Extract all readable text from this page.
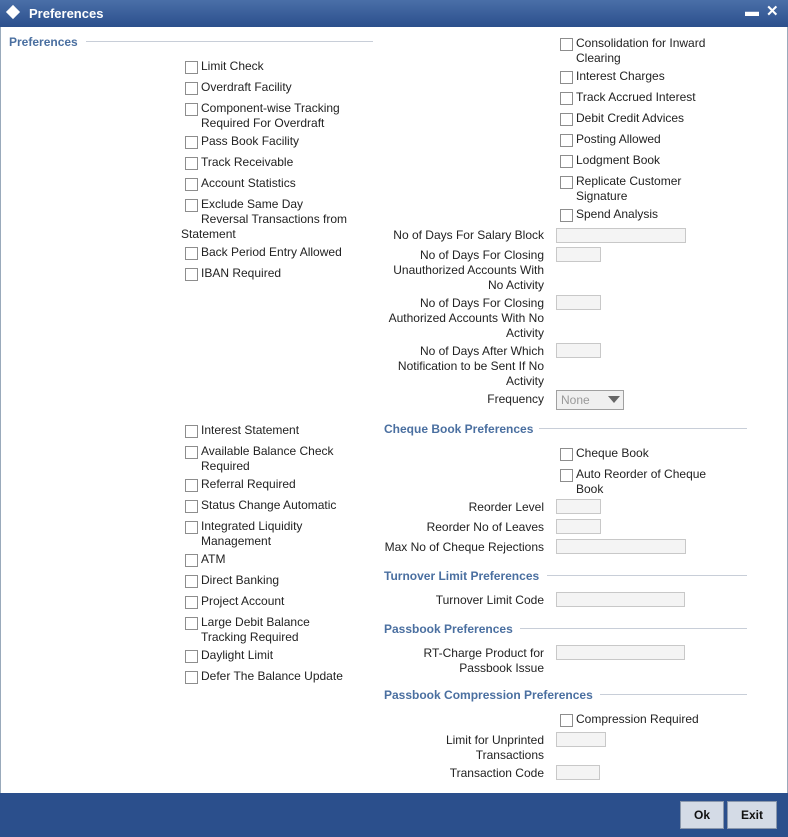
Preferences	▬ ✕
Preferences
Limit Check
Overdraft Facility
Component-wise Tracking
Required For Overdraft
Pass Book Facility
Track Receivable
Account Statistics
Exclude Same Day
Reversal Transactions from
Statement
Back Period Entry Allowed
IBAN Required
Consolidation for Inward
Clearing
Interest Charges
Track Accrued Interest
Debit Credit Advices
Posting Allowed
Lodgment Book
Replicate Customer
Signature
Spend Analysis
No of Days For Salary Block
No of Days For Closing
Unauthorized Accounts With
No Activity
No of Days For Closing
Authorized Accounts With No
Activity
No of Days After Which
Notification to be Sent If No
Activity
Frequency	None
Interest Statement
Available Balance Check
Required
Referral Required
Status Change Automatic
Integrated Liquidity
Management
ATM
Direct Banking
Project Account
Large Debit Balance
Tracking Required
Daylight Limit
Defer The Balance Update
Cheque Book Preferences
Cheque Book
Auto Reorder of Cheque
Book
Reorder Level
Reorder No of Leaves
Max No of Cheque Rejections
Turnover Limit Preferences
Turnover Limit Code
Passbook Preferences
RT-Charge Product for
Passbook Issue
Passbook Compression Preferences
Compression Required
Limit for Unprinted
Transactions
Transaction Code
Ok	Exit
